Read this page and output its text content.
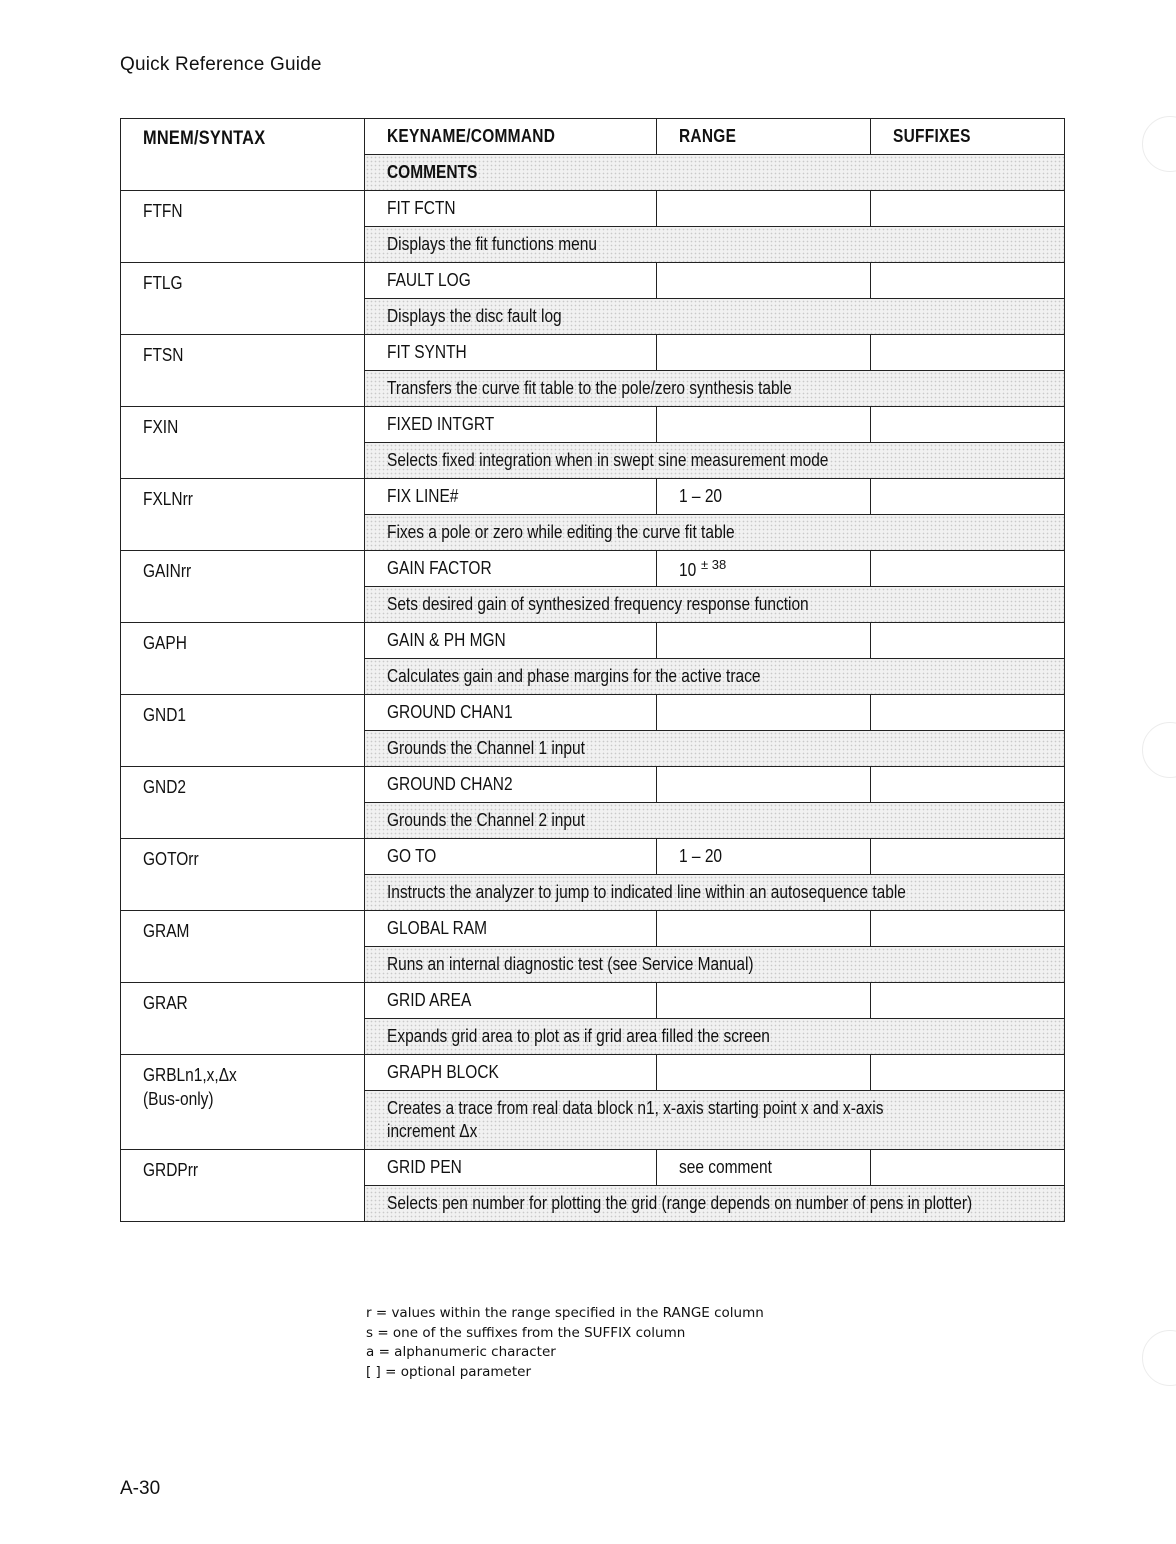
Quick Reference Guide
MNEM/SYNTAX	KEYNAME/COMMAND	RANGE	SUFFIXES
	COMMENTS		
FTFN	FIT FCTN		
	Displays the fit functions menu		
FTLG	FAULT LOG		
	Displays the disc fault log		
FTSN	FIT SYNTH		
	Transfers the curve fit table to the pole/zero synthesis table		
FXIN	FIXED INTGRT		
	Selects fixed integration when in swept sine measurement mode		
FXLNrr	FIX LINE#	1 – 20	
	Fixes a pole or zero while editing the curve fit table		
GAINrr	GAIN FACTOR	10 $^{\pm 38}$	
	Sets desired gain of synthesized frequency response function		
GAPH	GAIN & PH MGN		
	Calculates gain and phase margins for the active trace		
GND1	GROUND CHAN1		
	Grounds the Channel 1 input		
GND2	GROUND CHAN2		
	Grounds the Channel 2 input		
GOTOrr	GO TO	1 – 20	
	Instructs the analyzer to jump to indicated line within an autosequence table		
GRAM	GLOBAL RAM		
	Runs an internal diagnostic test (see Service Manual)		
GRAR	GRID AREA		
	Expands grid area to plot as if grid area filled the screen		
GRBLn1,x,Δx
(Bus-only)	GRAPH BLOCK		
	Creates a trace from real data block n1, x-axis starting point x and x-axis
increment Δx		
GRDPrr	GRID PEN	see comment	
	Selects pen number for plotting the grid (range depends on number of pens in plotter)		
r = values within the range specified in the RANGE column
s = one of the suffixes from the SUFFIX column
a = alphanumeric character
[ ] = optional parameter
A-30
